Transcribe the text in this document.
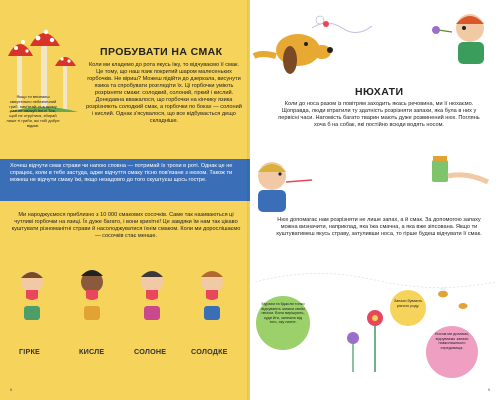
Якщо ти впізнаєш смертельно небезпечний гриб, пам'ятай: ні в якому разі не смакуй його! Тож, щоб не отруїтися, збирай лише ті гриби, які тобі добре відомі.
ПРОБУВАТИ НА СМАК
Коли ми кладемо до рота якусь їжу, то відчуваємо її смак. Це тому, що наш язик покритий шаром малесеньких горбочків. Не віриш? Можеш підійти до дзеркала, висунути язика та спробувати розгледіти їх. Ці горбочки уміють розрізняти смаки: солодкий, солоний, гіркий і кислий. Донедавна вважалося, що горбочки на кінчику язика розрізняють солодкий смак, а горбочки по боках — солоний і кислий. Однак з'ясувалося, що все відбувається дещо складніше.
Хочеш відчути смак страви чи напою сповна — потримай їх трохи в роті. Однак це не спрацює, коли в тебе застуда, адже відчуття смаку тісно пов'язане з нюхом. Також ти можеш не відчути смаку їжі, якщо незадовго до того скуштуєш щось гостре.
Ми народжуємося приблизно з 10 000 смакових сосочків. Саме так називаються ці чутливі горбочки на язиці. Їх дуже багато, і вони крихітні! Це завдяки їм нам так цікаво куштувати різноманітні страви й насолоджуватися їхнім смаком. Коли ми дорослішаємо — сосочків стає менше.
ГІРКЕ	КИСЛЕ	СОЛОНЕ	СОЛОДКЕ
8
НЮХАТИ
Коли до носа разом із повітрям заходить якась речовина, ми її нюхаємо. Щоправда, люди втратили ту здатність розрізняти запахи, яка була в них у первісні часи. Натомість багато тварин мають дуже розвинений нюх. Поглянь хоча б на собак, які постійно всюди водять носом.
Нюх допомагає нам розрізняти не лише запах, а й смак. За допомогою запаху можна визначити, наприклад, яка їжа смачна, а яка вже зіпсована. Якщо ти куштуватимеш якусь страву, затуливши носа, то гірше будеш відчувати її смак.
Мурахи та бджоли тонко відчувають запахи своїм нюхом. Вони вирішують, куди йти, залежно від того, яку пахне.
Запахи бувають різного роду.
Носом ми дихаємо, відчуваємо запахи навколишнього середовища.
9
